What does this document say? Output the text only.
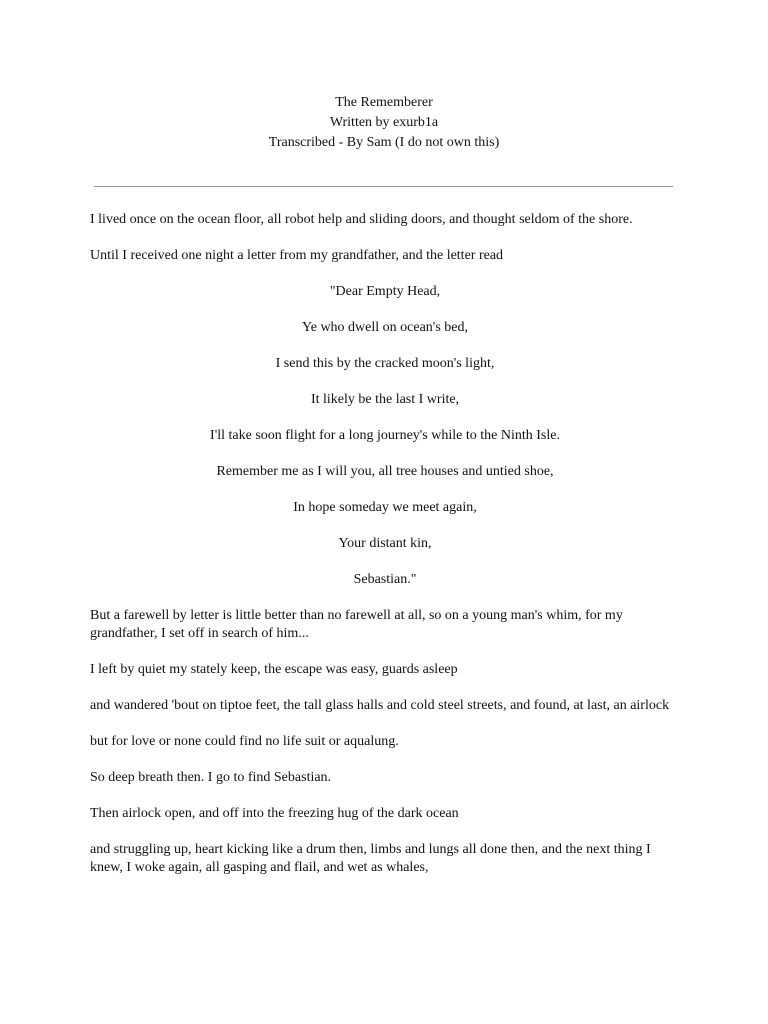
The Rememberer
Written by exurb1a
Transcribed - By Sam (I do not own this)

I lived once on the ocean floor, all robot help and sliding doors, and thought seldom of the shore.

Until I received one night a letter from my grandfather, and the letter read

"Dear Empty Head,

Ye who dwell on ocean's bed,

I send this by the cracked moon's light,

It likely be the last I write,

I'll take soon flight for a long journey's while to the Ninth Isle.

Remember me as I will you, all tree houses and untied shoe,

In hope someday we meet again,

Your distant kin,

Sebastian."

But a farewell by letter is little better than no farewell at all, so on a young man's whim, for my grandfather, I set off in search of him...

I left by quiet my stately keep, the escape was easy, guards asleep

and wandered 'bout on tiptoe feet, the tall glass halls and cold steel streets, and found, at last, an airlock

but for love or none could find no life suit or aqualung.

So deep breath then. I go to find Sebastian.

Then airlock open, and off into the freezing hug of the dark ocean

and struggling up, heart kicking like a drum then, limbs and lungs all done then, and the next thing I knew, I woke again, all gasping and flail, and wet as whales,
